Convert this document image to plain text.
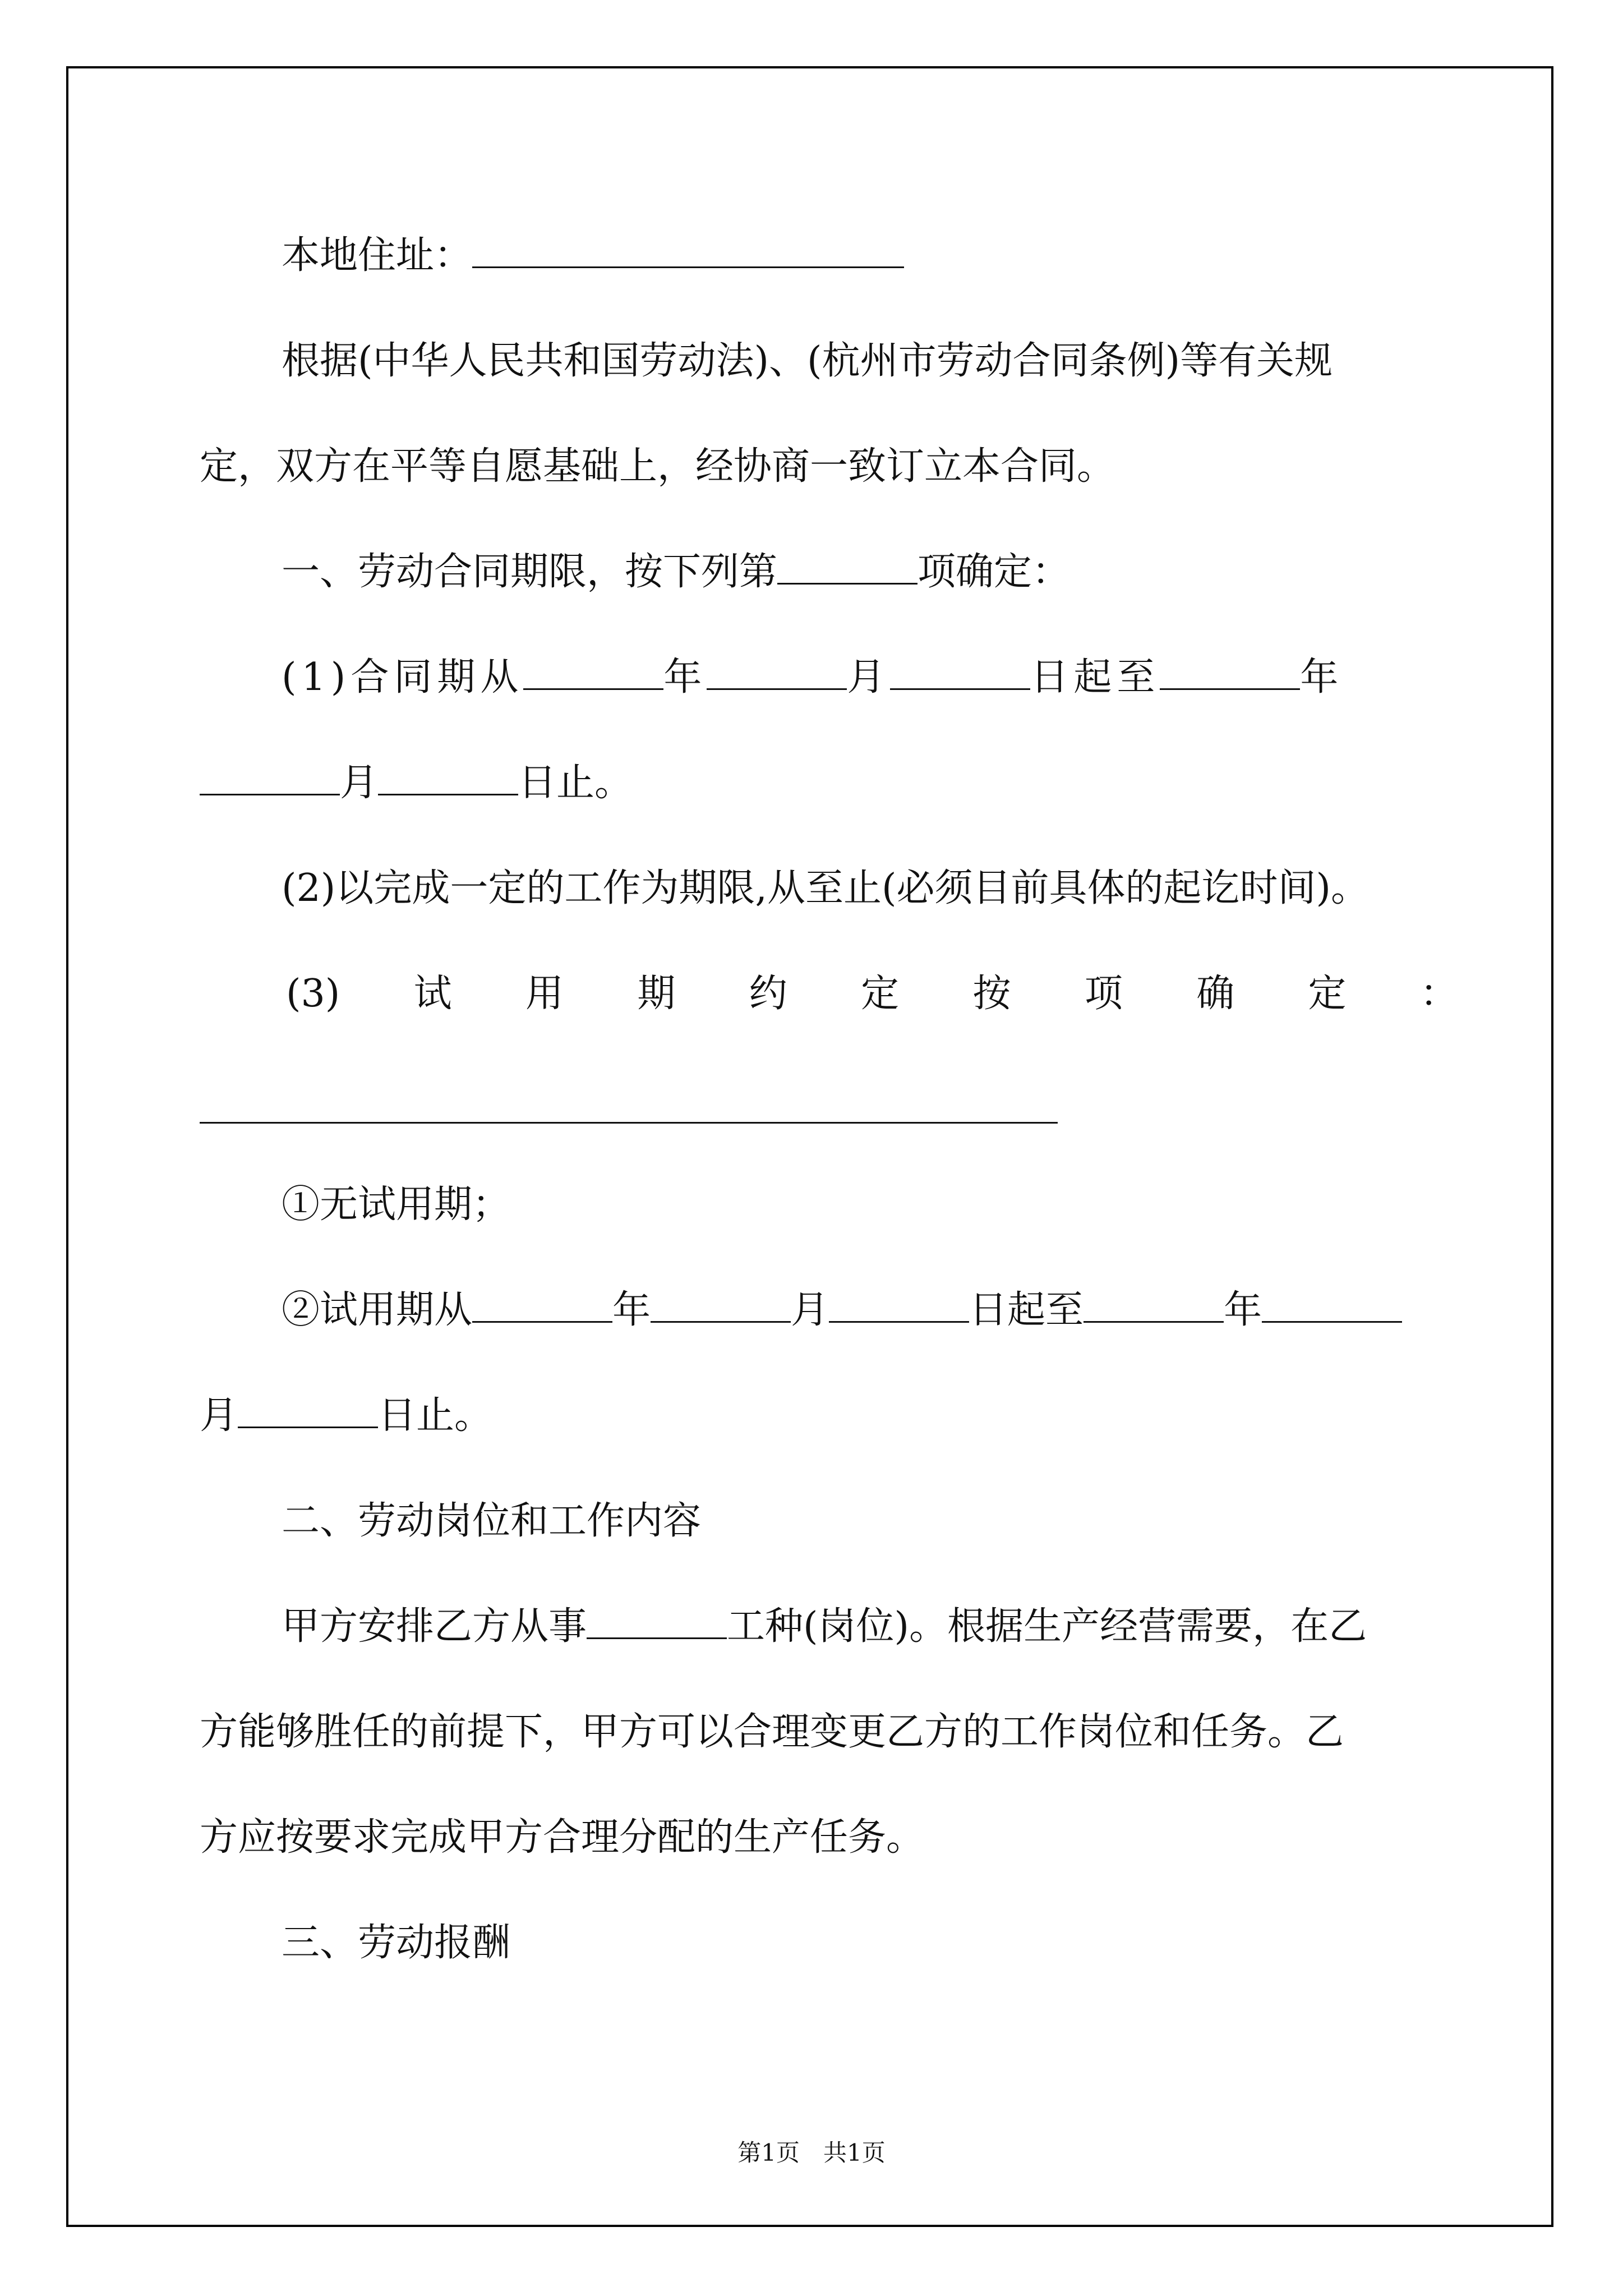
本地住址：

根据(中华人民共和国劳动法)、(杭州市劳动合同条例)等有关规

定，双方在平等自愿基础上，经协商一致订立本合同。

一、劳动合同期限，按下列第	项确定：

(1)合同期从	年	月	日起至	年

月	日止。

(2)以完成一定的工作为期限,从至止(必须目前具体的起讫时间)。

(3) 试 用 期 约 定 按 项 确 定 ：

①无试用期；

②试用期从	年	月	日起至	年

月	日止。

二、劳动岗位和工作内容

甲方安排乙方从事	工种(岗位)。根据生产经营需要，在乙

方能够胜任的前提下，甲方可以合理变更乙方的工作岗位和任务。乙

方应按要求完成甲方合理分配的生产任务。

三、劳动报酬

第1页　共1页
